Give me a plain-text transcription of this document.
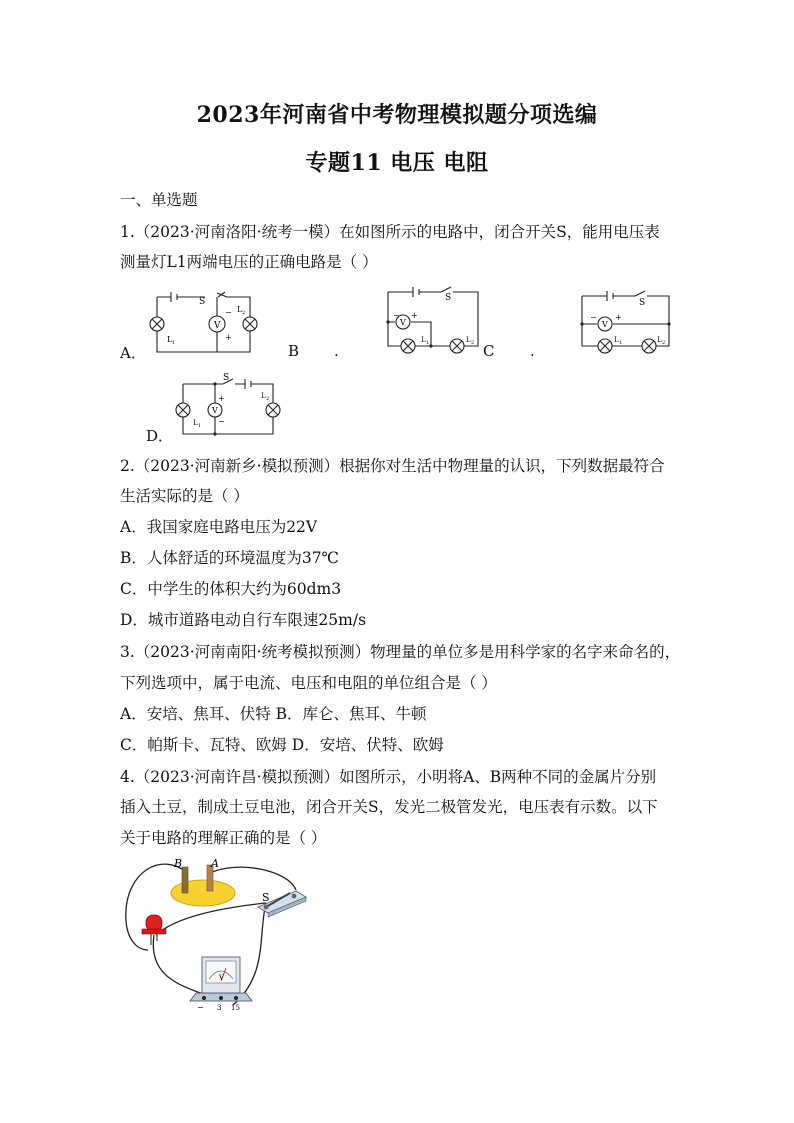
2023年河南省中考物理模拟题分项选编
专题11 电压 电阻
一、单选题
1.（2023·河南洛阳·统考一模）在如图所示的电路中，闭合开关S，能用电压表
测量灯L1两端电压的正确电路是（ ）
A．
V
S
−
+
L 1
L 2
B .
V
S
− +
L 1	L 2 C .
V
S
− +
L 1	L 2
D．
V
S
+
−
L 1
L 2
2.（2023·河南新乡·模拟预测）根据你对生活中物理量的认识，下列数据最符合
生活实际的是（ ）
A．我国家庭电路电压为22V
B．人体舒适的环境温度为37℃
C．中学生的体积大约为60dm3
D．城市道路电动自行车限速25m/s
3.（2023·河南南阳·统考模拟预测）物理量的单位多是用科学家的名字来命名的，
下列选项中，属于电流、电压和电阻的单位组合是（ ）
A．安培、焦耳、伏特 B．库仑、焦耳、牛顿
C．帕斯卡、瓦特、欧姆 D．安培、伏特、欧姆
4.（2023·河南许昌·模拟预测）如图所示，小明将A、B两种不同的金属片分别
插入土豆，制成土豆电池，闭合开关S，发光二极管发光，电压表有示数。以下
关于电路的理解正确的是（ ）
B	A
S
V
− 3 15
